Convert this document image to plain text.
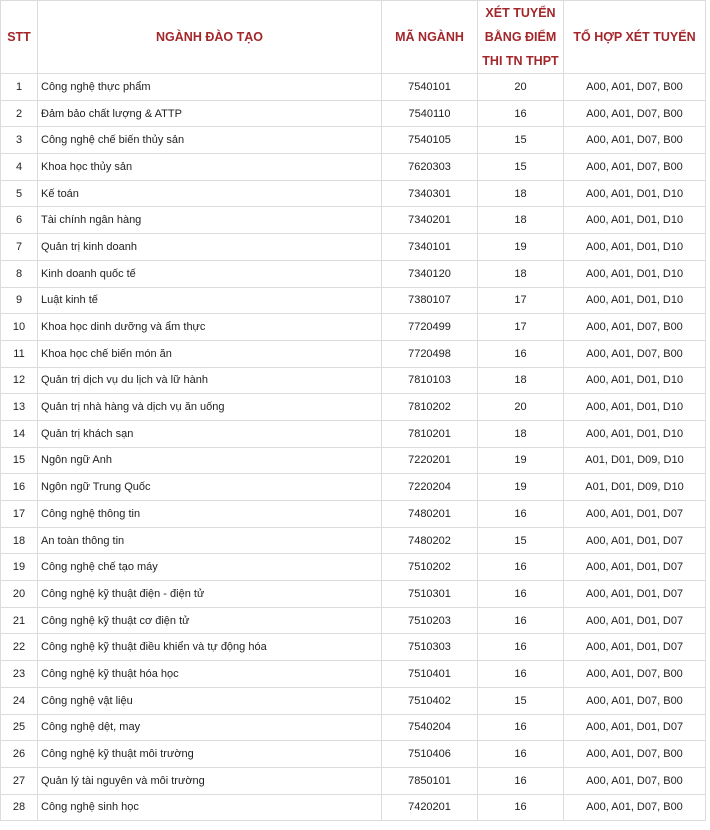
STT	NGÀNH ĐÀO TẠO	MÃ NGÀNH	XÉT TUYỂN BẰNG ĐIỂM THI TN THPT	TỔ HỢP XÉT TUYỂN
1	Công nghệ thực phẩm	7540101	20	A00, A01, D07, B00
2	Đảm bảo chất lượng & ATTP	7540110	16	A00, A01, D07, B00
3	Công nghệ chế biến thủy sản	7540105	15	A00, A01, D07, B00
4	Khoa học thủy sản	7620303	15	A00, A01, D07, B00
5	Kế toán	7340301	18	A00, A01, D01, D10
6	Tài chính ngân hàng	7340201	18	A00, A01, D01, D10
7	Quản trị kinh doanh	7340101	19	A00, A01, D01, D10
8	Kinh doanh quốc tế	7340120	18	A00, A01, D01, D10
9	Luật kinh tế	7380107	17	A00, A01, D01, D10
10	Khoa học dinh dưỡng và ẩm thực	7720499	17	A00, A01, D07, B00
11	Khoa học chế biến món ăn	7720498	16	A00, A01, D07, B00
12	Quản trị dịch vụ du lịch và lữ hành	7810103	18	A00, A01, D01, D10
13	Quản trị nhà hàng và dịch vụ ăn uống	7810202	20	A00, A01, D01, D10
14	Quản trị khách sạn	7810201	18	A00, A01, D01, D10
15	Ngôn ngữ Anh	7220201	19	A01, D01, D09, D10
16	Ngôn ngữ Trung Quốc	7220204	19	A01, D01, D09, D10
17	Công nghệ thông tin	7480201	16	A00, A01, D01, D07
18	An toàn thông tin	7480202	15	A00, A01, D01, D07
19	Công nghệ chế tạo máy	7510202	16	A00, A01, D01, D07
20	Công nghệ kỹ thuật điện - điện tử	7510301	16	A00, A01, D01, D07
21	Công nghệ kỹ thuật cơ điện tử	7510203	16	A00, A01, D01, D07
22	Công nghệ kỹ thuật điều khiển và tự động hóa	7510303	16	A00, A01, D01, D07
23	Công nghệ kỹ thuật hóa học	7510401	16	A00, A01, D07, B00
24	Công nghệ vật liệu	7510402	15	A00, A01, D07, B00
25	Công nghệ dệt, may	7540204	16	A00, A01, D01, D07
26	Công nghệ kỹ thuật môi trường	7510406	16	A00, A01, D07, B00
27	Quản lý tài nguyên và môi trường	7850101	16	A00, A01, D07, B00
28	Công nghệ sinh học	7420201	16	A00, A01, D07, B00
